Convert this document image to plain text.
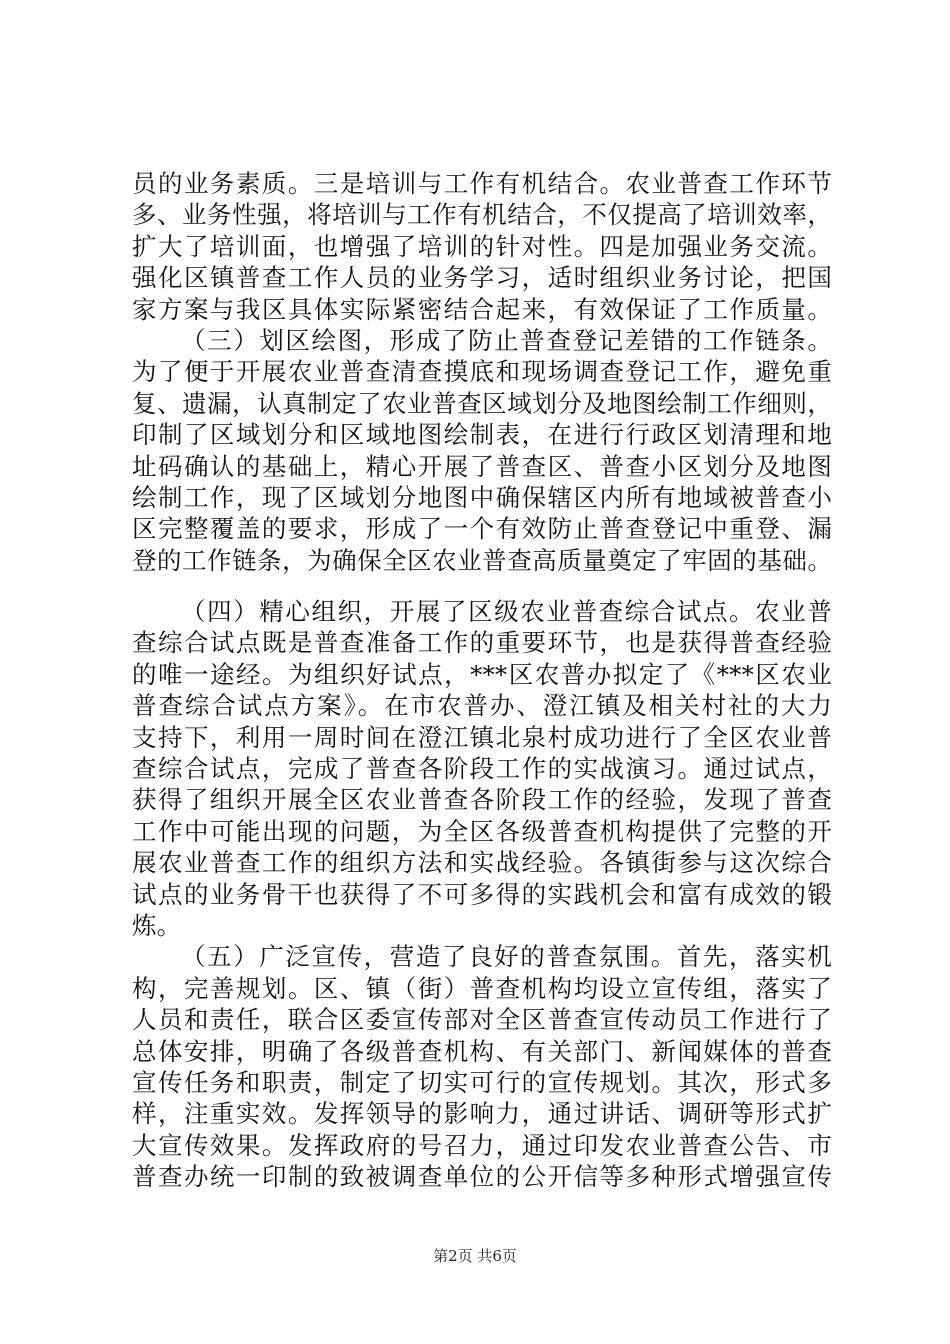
员的业务素质。三是培训与工作有机结合。农业普查工作环节
多、业务性强，将培训与工作有机结合，不仅提高了培训效率，
扩大了培训面，也增强了培训的针对性。四是加强业务交流。
强化区镇普查工作人员的业务学习，适时组织业务讨论，把国
家方案与我区具体实际紧密结合起来，有效保证了工作质量。
（三）划区绘图，形成了防止普查登记差错的工作链条。
为了便于开展农业普查清查摸底和现场调查登记工作，避免重
复、遗漏，认真制定了农业普查区域划分及地图绘制工作细则，
印制了区域划分和区域地图绘制表，在进行行政区划清理和地
址码确认的基础上，精心开展了普查区、普查小区划分及地图
绘制工作，现了区域划分地图中确保辖区内所有地域被普查小
区完整覆盖的要求，形成了一个有效防止普查登记中重登、漏
登的工作链条，为确保全区农业普查高质量奠定了牢固的基础。
（四）精心组织，开展了区级农业普查综合试点。农业普
查综合试点既是普查准备工作的重要环节，也是获得普查经验
的唯一途经。为组织好试点，***区农普办拟定了《***区农业
普查综合试点方案》。在市农普办、澄江镇及相关村社的大力
支持下，利用一周时间在澄江镇北泉村成功进行了全区农业普
查综合试点，完成了普查各阶段工作的实战演习。通过试点，
获得了组织开展全区农业普查各阶段工作的经验，发现了普查
工作中可能出现的问题，为全区各级普查机构提供了完整的开
展农业普查工作的组织方法和实战经验。各镇街参与这次综合
试点的业务骨干也获得了不可多得的实践机会和富有成效的锻
炼。
（五）广泛宣传，营造了良好的普查氛围。首先，落实机
构，完善规划。区、镇（街）普查机构均设立宣传组，落实了
人员和责任，联合区委宣传部对全区普查宣传动员工作进行了
总体安排，明确了各级普查机构、有关部门、新闻媒体的普查
宣传任务和职责，制定了切实可行的宣传规划。其次，形式多
样，注重实效。发挥领导的影响力，通过讲话、调研等形式扩
大宣传效果。发挥政府的号召力，通过印发农业普查公告、市
普查办统一印制的致被调查单位的公开信等多种形式增强宣传
第2页 共6页
